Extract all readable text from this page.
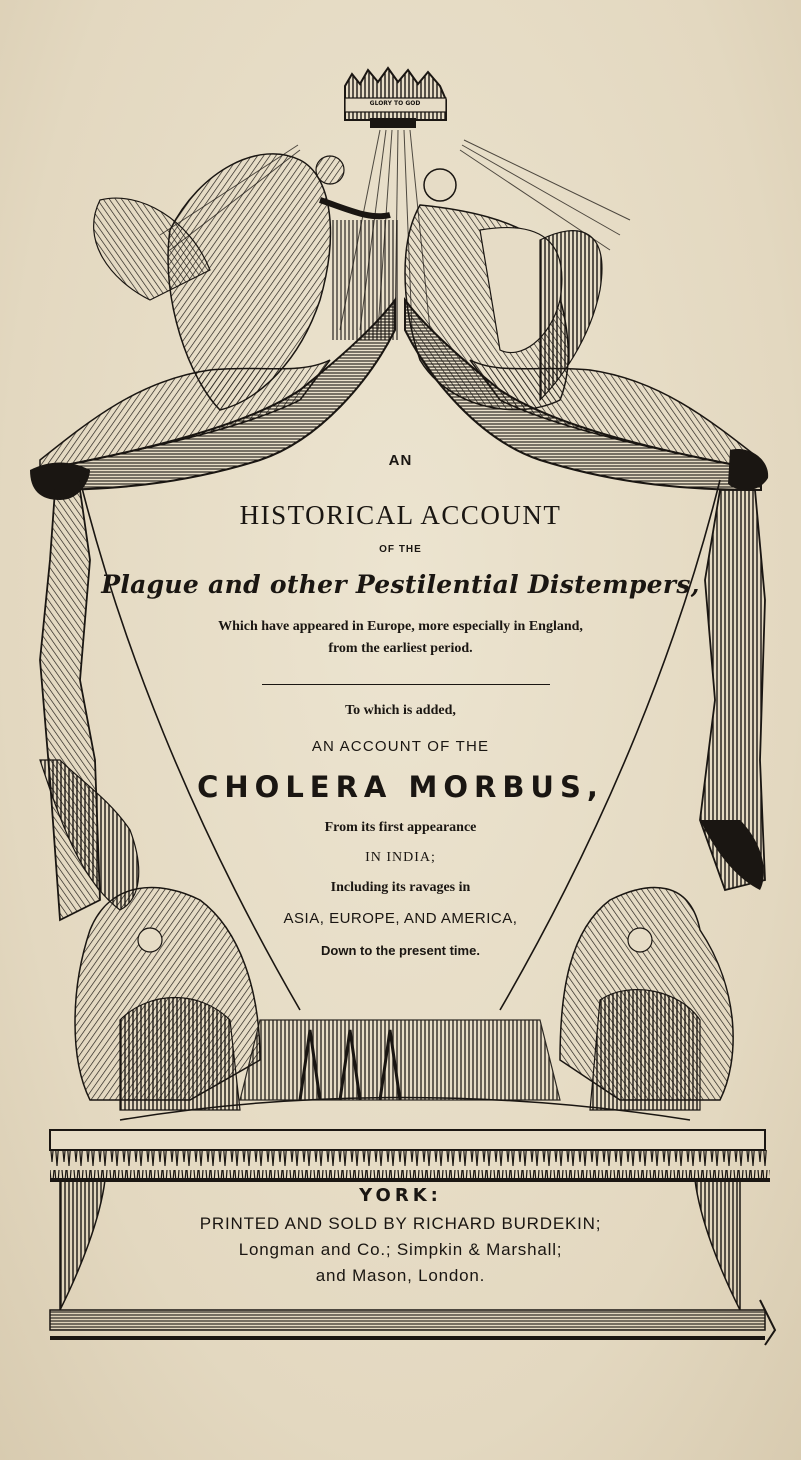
GLORY TO GOD
AN
HISTORICAL ACCOUNT
OF THE
Plague and other Pestilential Distempers,
Which have appeared in Europe, more especially in England,
from the earliest period.
To which is added,
AN ACCOUNT OF THE
CHOLERA MORBUS,
From its first appearance
IN INDIA;
Including its ravages in
ASIA, EUROPE, AND AMERICA,
Down to the present time.
YORK:
PRINTED AND SOLD BY RICHARD BURDEKIN;
Longman and Co.; Simpkin & Marshall;
and Mason, London.
